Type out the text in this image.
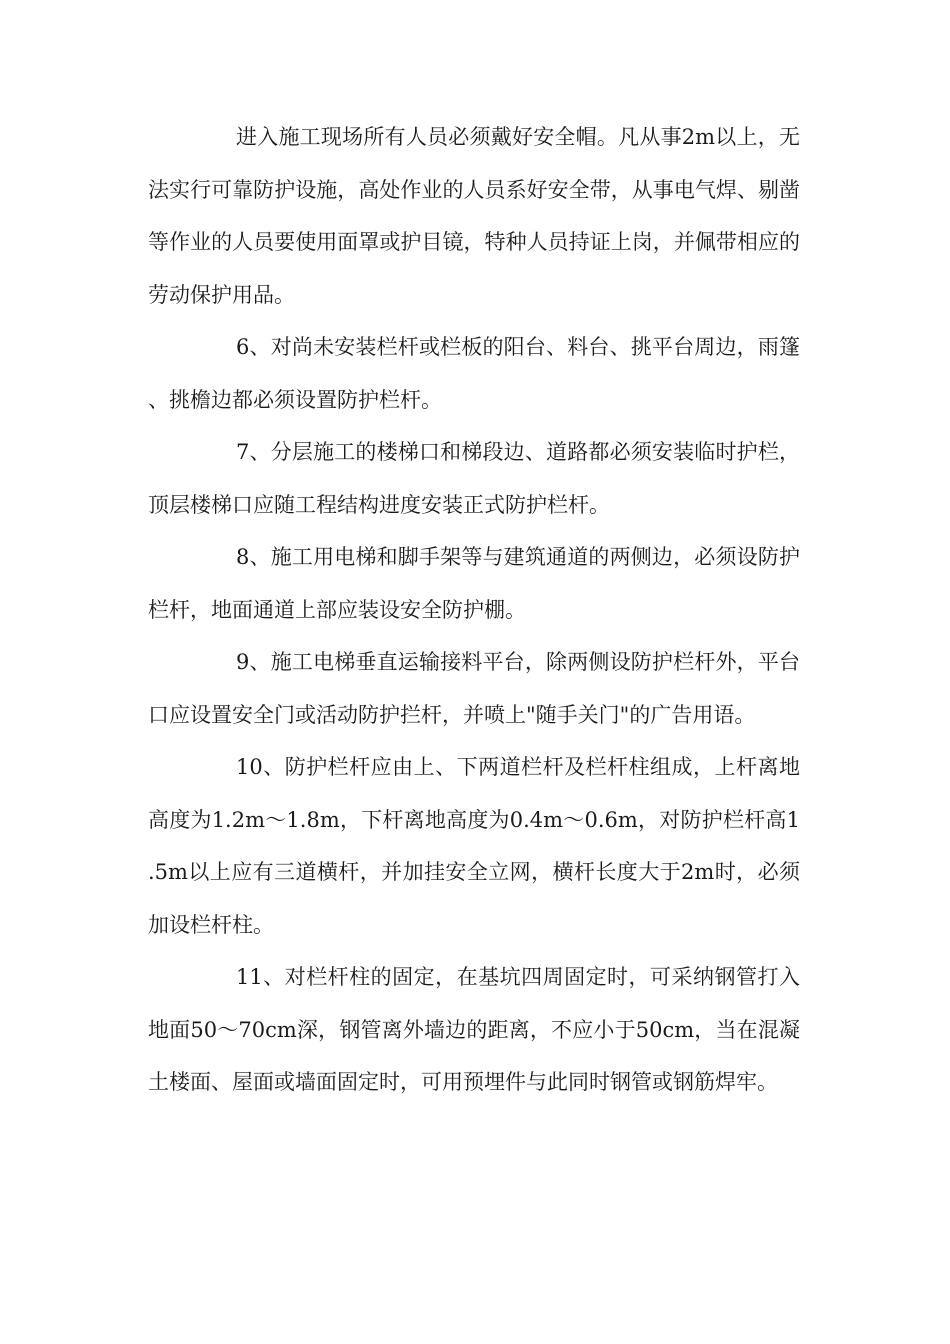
进入施工现场所有人员必须戴好安全帽。凡从事2m以上，无法实行可靠防护设施，高处作业的人员系好安全带，从事电气焊、剔凿等作业的人员要使用面罩或护目镜，特种人员持证上岗，并佩带相应的劳动保护用品。

6、对尚未安装栏杆或栏板的阳台、料台、挑平台周边，雨篷、挑檐边都必须设置防护栏杆。

7、分层施工的楼梯口和梯段边、道路都必须安装临时护栏，顶层楼梯口应随工程结构进度安装正式防护栏杆。

8、施工用电梯和脚手架等与建筑通道的两侧边，必须设防护栏杆，地面通道上部应装设安全防护棚。

9、施工电梯垂直运输接料平台，除两侧设防护栏杆外，平台口应设置安全门或活动防护拦杆，并喷上"随手关门"的广告用语。

10、防护栏杆应由上、下两道栏杆及栏杆柱组成，上杆离地高度为1.2m～1.8m，下杆离地高度为0.4m～0.6m，对防护栏杆高1.5m以上应有三道横杆，并加挂安全立网，横杆长度大于2m时，必须加设栏杆柱。

11、对栏杆柱的固定，在基坑四周固定时，可采纳钢管打入地面50～70cm深，钢管离外墙边的距离，不应小于50cm，当在混凝土楼面、屋面或墙面固定时，可用预埋件与此同时钢管或钢筋焊牢。
